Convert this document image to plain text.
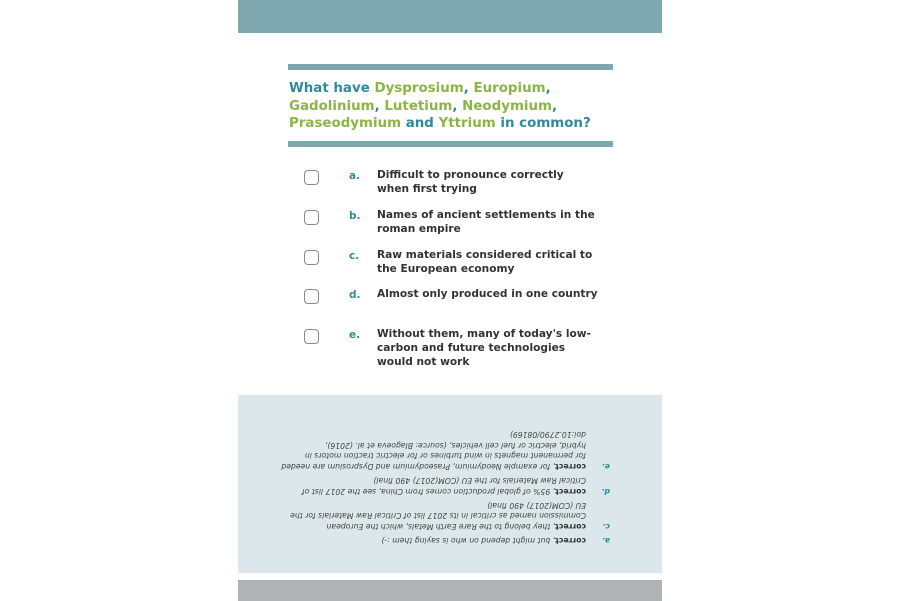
What have Dysprosium, Europium,
Gadolinium, Lutetium, Neodymium,
Praseodymium and Yttrium in common?
a. Difficult to pronounce correctly when first trying
b. Names of ancient settlements in the roman empire
c. Raw materials considered critical to the European economy
d. Almost only produced in one country
e. Without them, many of today's low-carbon and future technologies would not work
a.
correct, but might depend on who is saying them :-)
c.
correct, they belong to the Rare Earth Metals, which the European Commission named as critical in its 2017 list of Critical Raw Materials for the EU (COM(2017) 490 final)
d.
correct, 95% of global production comes from China, see the 2017 list of Critical Raw Materials for the EU (COM(2017) 490 final)
e.
correct, for example Neodymium, Praseodymium and Dysprosium are needed for permanent magnets in wind turbines or for electric traction motors in hybrid, electric or fuel cell vehicles, (source: Blagoeva et al. (2016), doi:10.2790/08169)
